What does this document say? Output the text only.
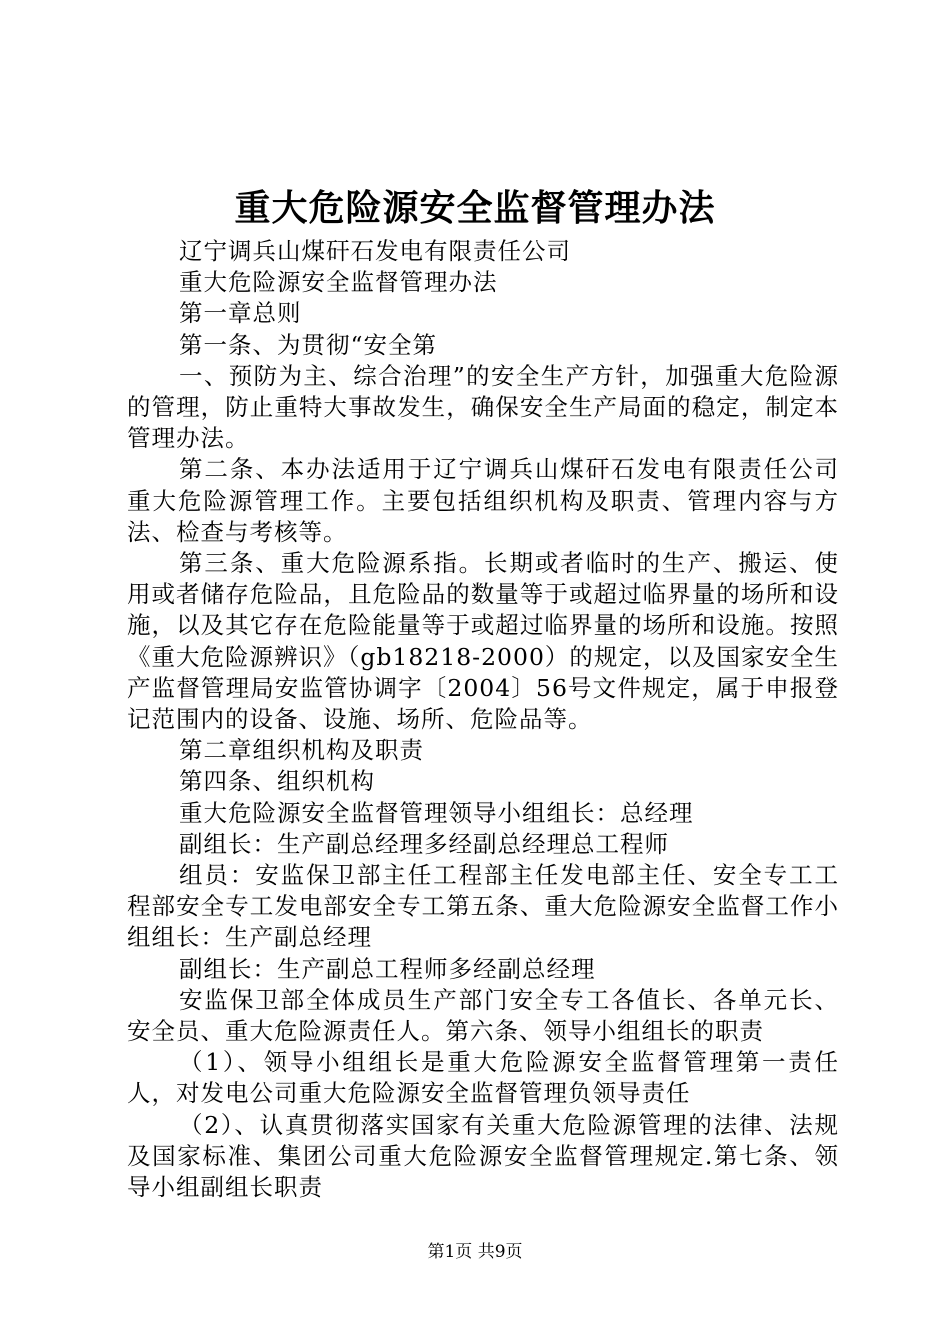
重大危险源安全监督管理办法

辽宁调兵山煤矸石发电有限责任公司

重大危险源安全监督管理办法

第一章总则

第一条、为贯彻“安全第

一、预防为主、综合治理”的安全生产方针，加强重大危险源的管理，防止重特大事故发生，确保安全生产局面的稳定，制定本管理办法。

第二条、本办法适用于辽宁调兵山煤矸石发电有限责任公司重大危险源管理工作。主要包括组织机构及职责、管理内容与方法、检查与考核等。

第三条、重大危险源系指。长期或者临时的生产、搬运、使用或者储存危险品，且危险品的数量等于或超过临界量的场所和设施，以及其它存在危险能量等于或超过临界量的场所和设施。按照《重大危险源辨识》（gb18218-2000）的规定，以及国家安全生产监督管理局安监管协调字〔2004〕56号文件规定，属于申报登记范围内的设备、设施、场所、危险品等。

第二章组织机构及职责

第四条、组织机构

重大危险源安全监督管理领导小组组长：总经理

副组长：生产副总经理多经副总经理总工程师

组员：安监保卫部主任工程部主任发电部主任、安全专工工程部安全专工发电部安全专工第五条、重大危险源安全监督工作小组组长：生产副总经理

副组长：生产副总工程师多经副总经理

安监保卫部全体成员生产部门安全专工各值长、各单元长、安全员、重大危险源责任人。第六条、领导小组组长的职责

（1）、领导小组组长是重大危险源安全监督管理第一责任人，对发电公司重大危险源安全监督管理负领导责任

（2）、认真贯彻落实国家有关重大危险源管理的法律、法规及国家标准、集团公司重大危险源安全监督管理规定.第七条、领导小组副组长职责

第1页 共9页
